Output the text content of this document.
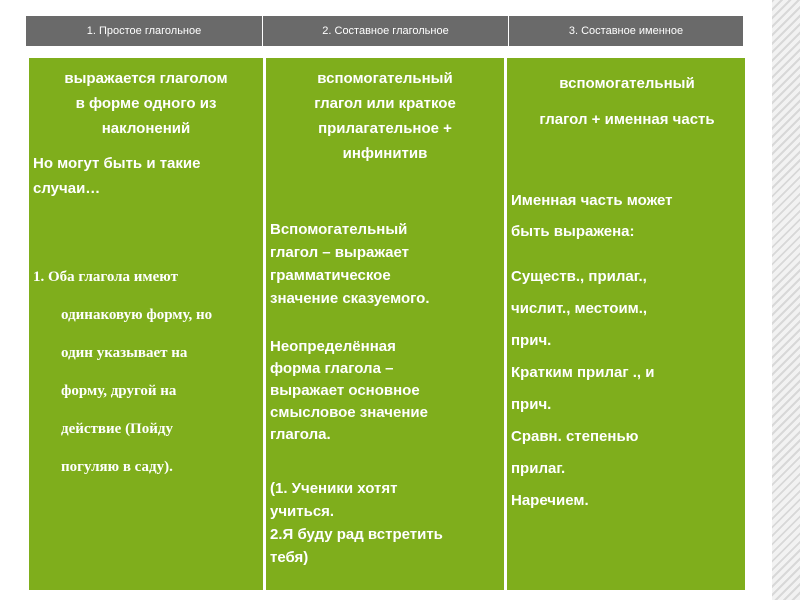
1. Простое глагольное	2. Составное глагольное	3. Составное именное
выражается глаголом
в форме одного из
наклонений
Но могут быть и такие
случаи…
1. Оба глагола имеют
одинаковую форму, но
один указывает на
форму, другой на
действие (Пойду
погуляю в саду).
вспомогательный
глагол или краткое
прилагательное +
инфинитив
Вспомогательный
глагол – выражает
грамматическое
значение сказуемого.
Неопределённая
форма глагола –
выражает основное
смысловое значение
глагола.
(1. Ученики хотят
учиться.
2.Я буду рад встретить
тебя)
вспомогательный
глагол + именная часть
Именная часть может
быть выражена:
Существ., прилаг.,
числит., местоим.,
прич.
Кратким прилаг ., и
прич.
Сравн. степенью
прилаг.
Наречием.
